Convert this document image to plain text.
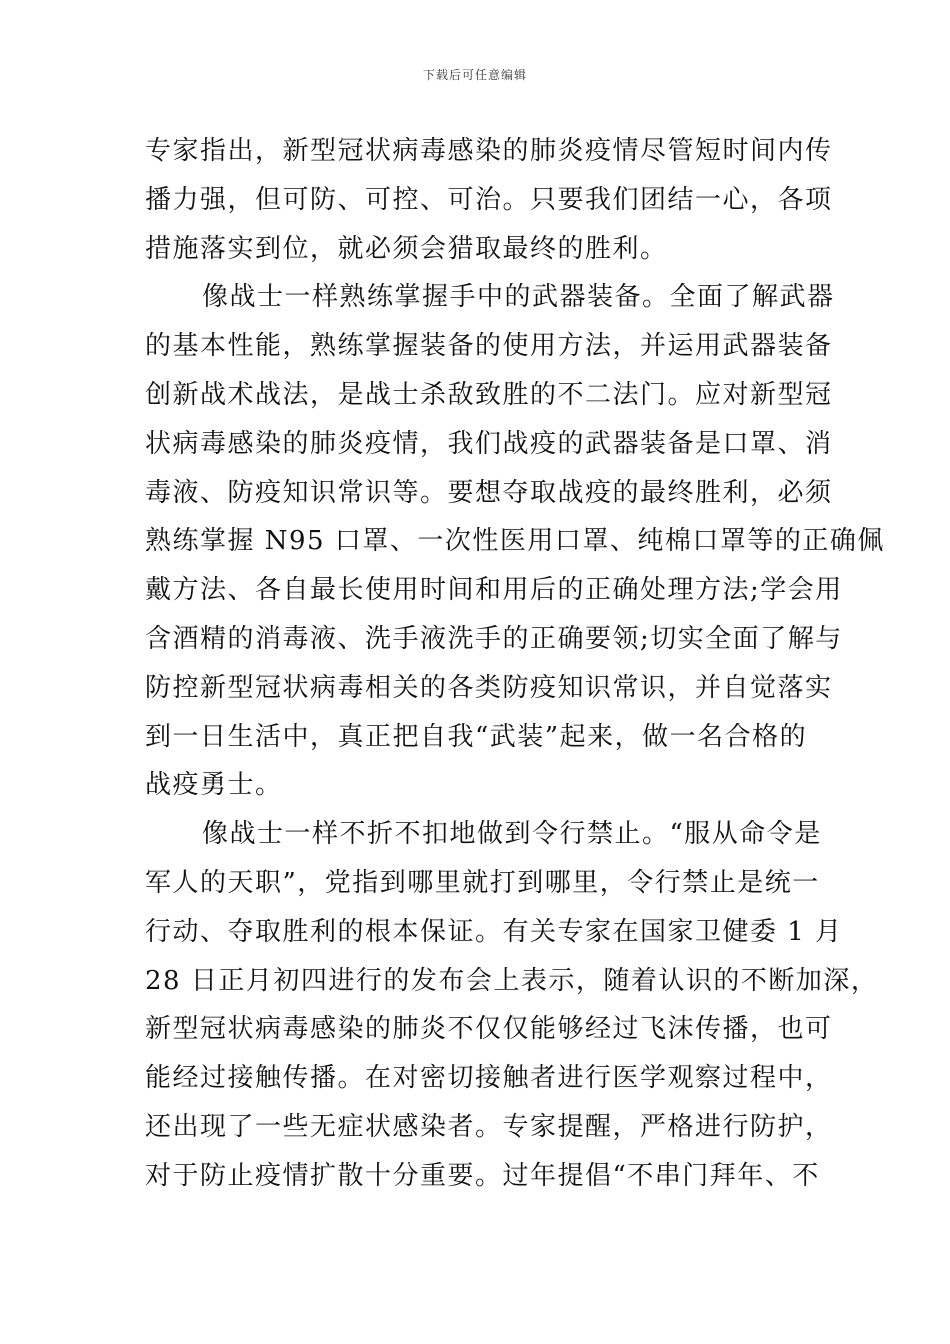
下载后可任意编辑
专家指出，新型冠状病毒感染的肺炎疫情尽管短时间内传
播力强，但可防、可控、可治。只要我们团结一心，各项
措施落实到位，就必须会猎取最终的胜利。
像战士一样熟练掌握手中的武器装备。全面了解武器
的基本性能，熟练掌握装备的使用方法，并运用武器装备
创新战术战法，是战士杀敌致胜的不二法门。应对新型冠
状病毒感染的肺炎疫情，我们战疫的武器装备是口罩、消
毒液、防疫知识常识等。要想夺取战疫的最终胜利，必须
熟练掌握 N95 口罩、一次性医用口罩、纯棉口罩等的正确佩
戴方法、各自最长使用时间和用后的正确处理方法;学会用
含酒精的消毒液、洗手液洗手的正确要领;切实全面了解与
防控新型冠状病毒相关的各类防疫知识常识，并自觉落实
到一日生活中，真正把自我“武装”起来，做一名合格的
战疫勇士。
像战士一样不折不扣地做到令行禁止。“服从命令是
军人的天职”，党指到哪里就打到哪里，令行禁止是统一
行动、夺取胜利的根本保证。有关专家在国家卫健委 1 月
28 日正月初四进行的发布会上表示，随着认识的不断加深，
新型冠状病毒感染的肺炎不仅仅能够经过飞沫传播，也可
能经过接触传播。在对密切接触者进行医学观察过程中，
还出现了一些无症状感染者。专家提醒，严格进行防护，
对于防止疫情扩散十分重要。过年提倡“不串门拜年、不
